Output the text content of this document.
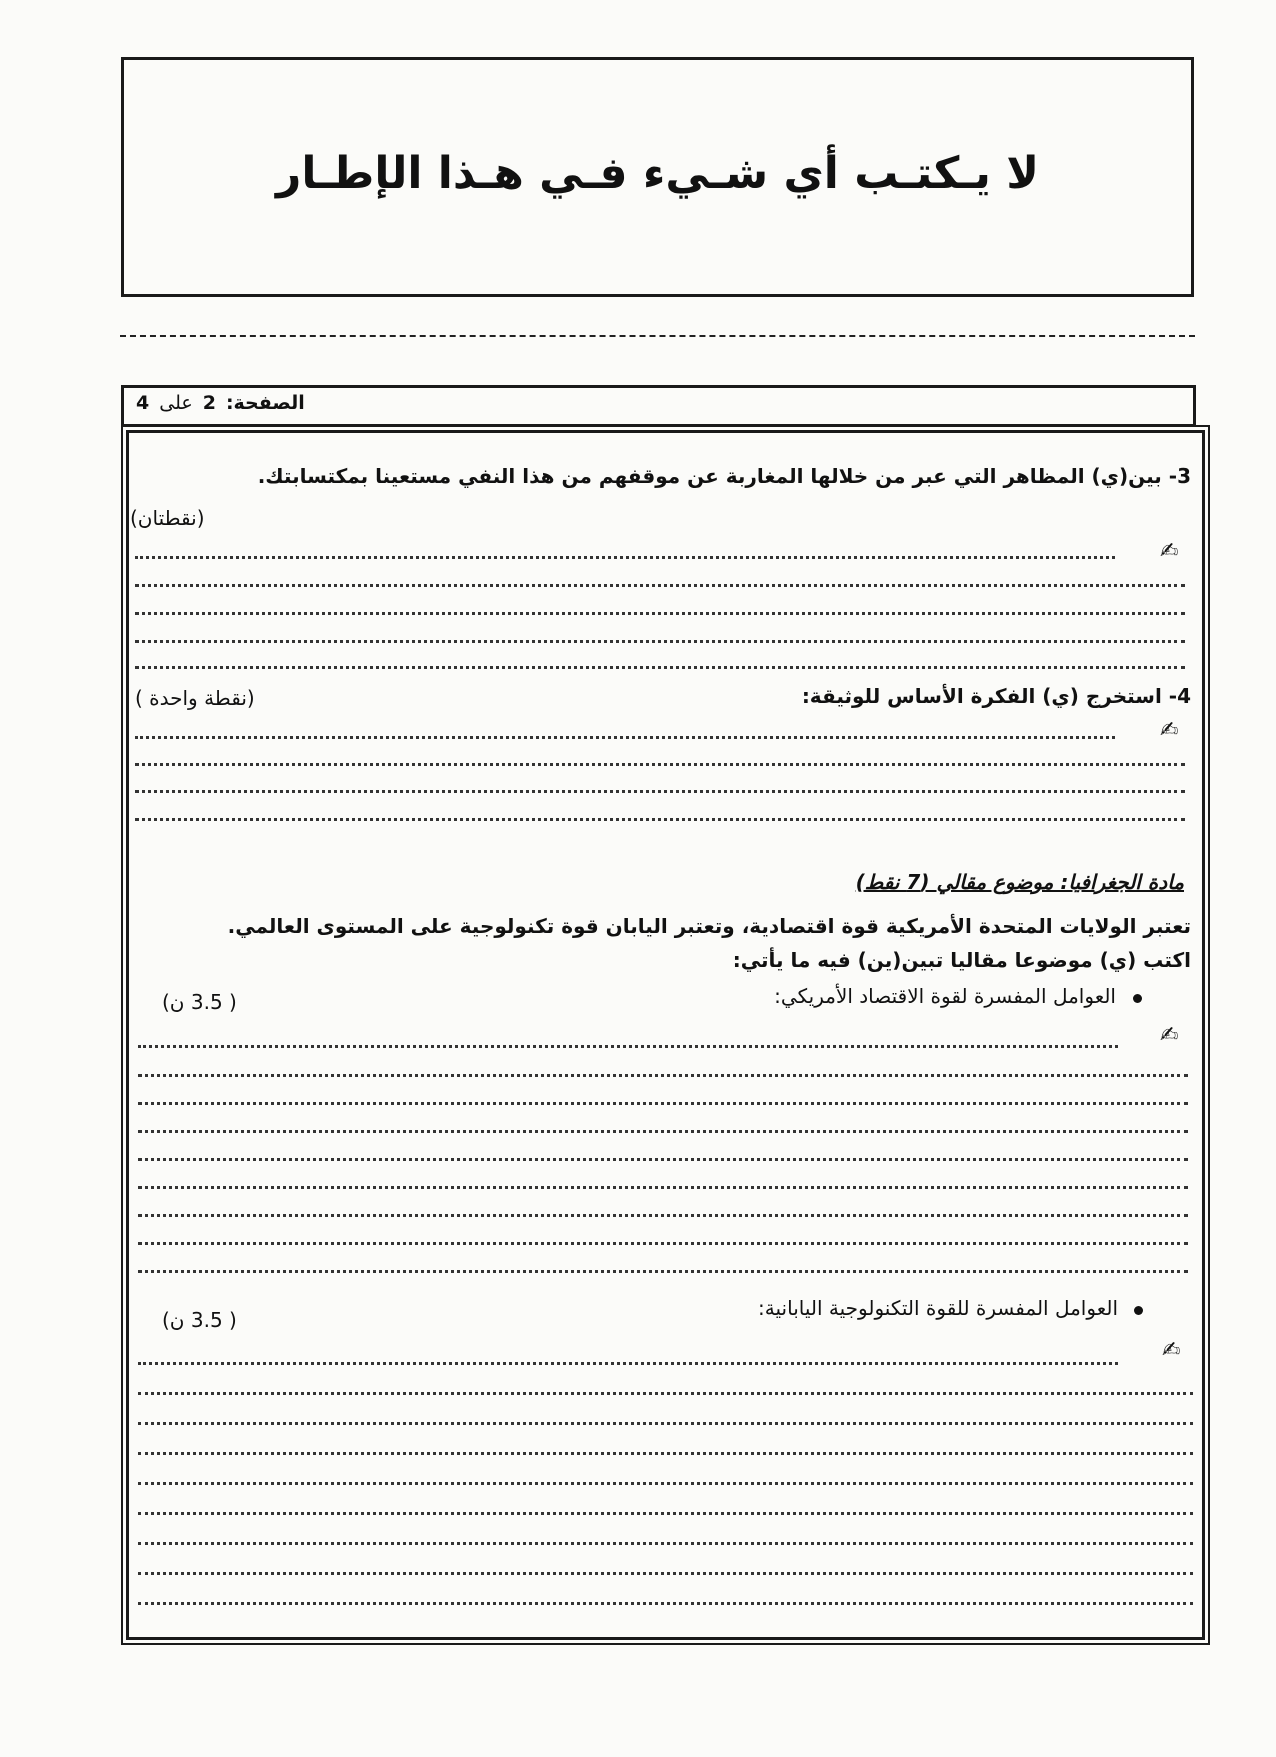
لا يـكتـب أي شـيء فـي هـذا الإطـار
الصفحة:
2
على
4
3- بين(ي) المظاهر التي عبر من خلالها المغاربة عن موقفهم من هذا النفي مستعينا بمكتسابتك.
(نقطتان)
✍
4- استخرج (ي) الفكرة الأساس للوثيقة:
(نقطة واحدة )
✍
مادة الجغرافيا: موضوع مقالي (7 نقط)
تعتبر الولايات المتحدة الأمريكية قوة اقتصادية، وتعتبر اليابان قوة تكنولوجية على المستوى العالمي.
اكتب (ي) موضوعا مقاليا تبين(ين) فيه ما يأتي:
العوامل المفسرة لقوة الاقتصاد الأمريكي:
( 3.5 ن)
✍
العوامل المفسرة للقوة التكنولوجية اليابانية:
( 3.5 ن)
✍
